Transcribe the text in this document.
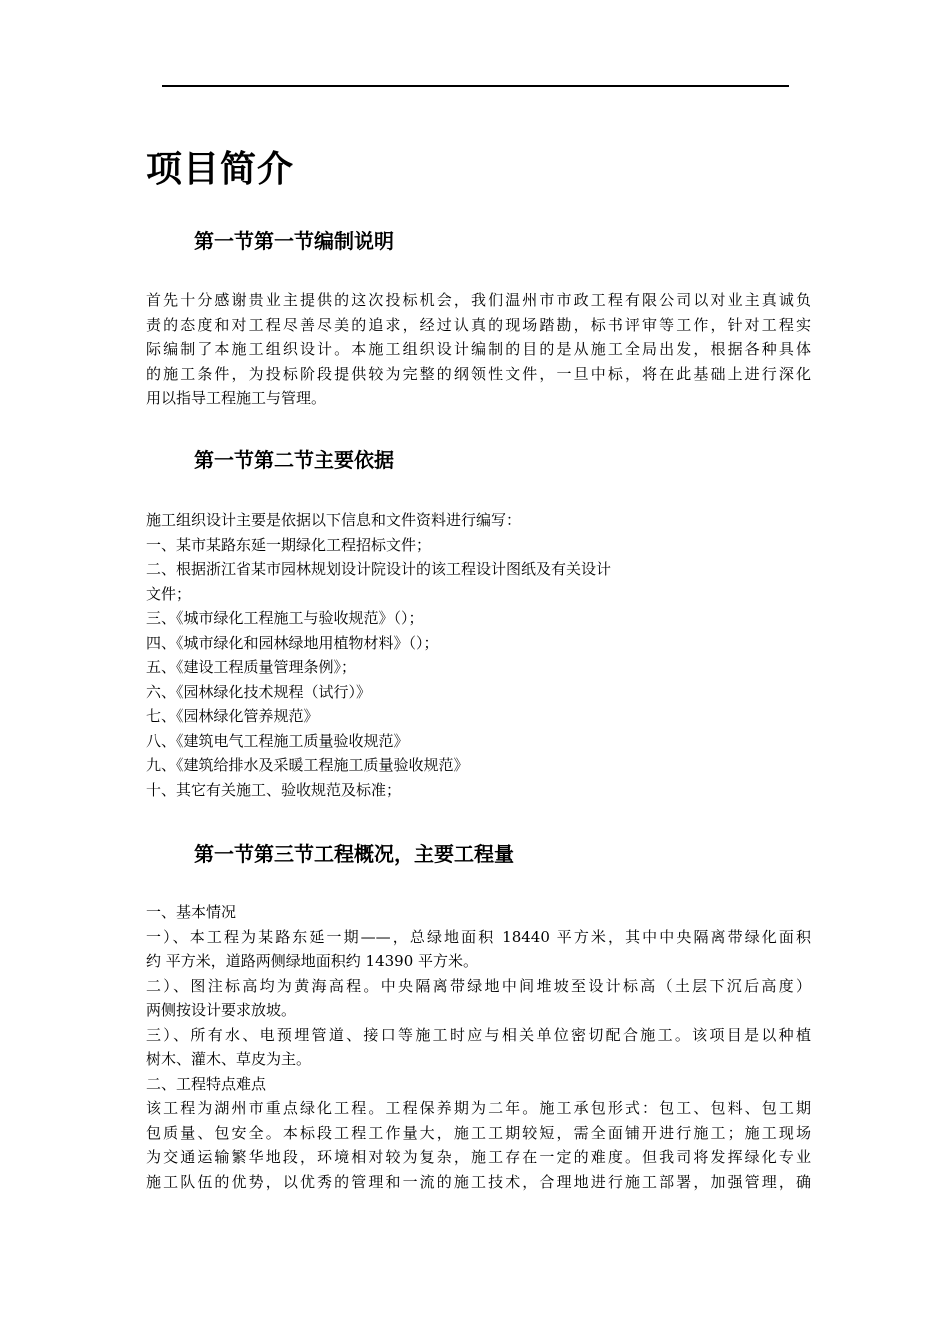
项目简介
第一节第一节编制说明
首先十分感谢贵业主提供的这次投标机会，我们温州市市政工程有限公司以对业主真诚负
责的态度和对工程尽善尽美的追求，经过认真的现场踏勘，标书评审等工作，针对工程实
际编制了本施工组织设计。本施工组织设计编制的目的是从施工全局出发，根据各种具体
的施工条件，为投标阶段提供较为完整的纲领性文件，一旦中标，将在此基础上进行深化
用以指导工程施工与管理。
第一节第二节主要依据
施工组织设计主要是依据以下信息和文件资料进行编写：
一、某市某路东延一期绿化工程招标文件；
二、根据浙江省某市园林规划设计院设计的该工程设计图纸及有关设计
文件；
三、《城市绿化工程施工与验收规范》（）；
四、《城市绿化和园林绿地用植物材料》（）；
五、《建设工程质量管理条例》；
六、《园林绿化技术规程（试行）》
七、《园林绿化管养规范》
八、《建筑电气工程施工质量验收规范》
九、《建筑给排水及采暖工程施工质量验收规范》
十、其它有关施工、验收规范及标准；
第一节第三节工程概况，主要工程量
一、基本情况
一）、本工程为某路东延一期——，总绿地面积 18440 平方米，其中中央隔离带绿化面积
约 平方米，道路两侧绿地面积约 14390 平方米。
二）、图注标高均为黄海高程。中央隔离带绿地中间堆坡至设计标高（土层下沉后高度）
两侧按设计要求放坡。
三）、所有水、电预埋管道、接口等施工时应与相关单位密切配合施工。该项目是以种植
树木、灌木、草皮为主。
二、工程特点难点
该工程为湖州市重点绿化工程。工程保养期为二年。施工承包形式：包工、包料、包工期
包质量、包安全。本标段工程工作量大，施工工期较短，需全面铺开进行施工；施工现场
为交通运输繁华地段，环境相对较为复杂，施工存在一定的难度。但我司将发挥绿化专业
施工队伍的优势，以优秀的管理和一流的施工技术，合理地进行施工部署，加强管理，确
